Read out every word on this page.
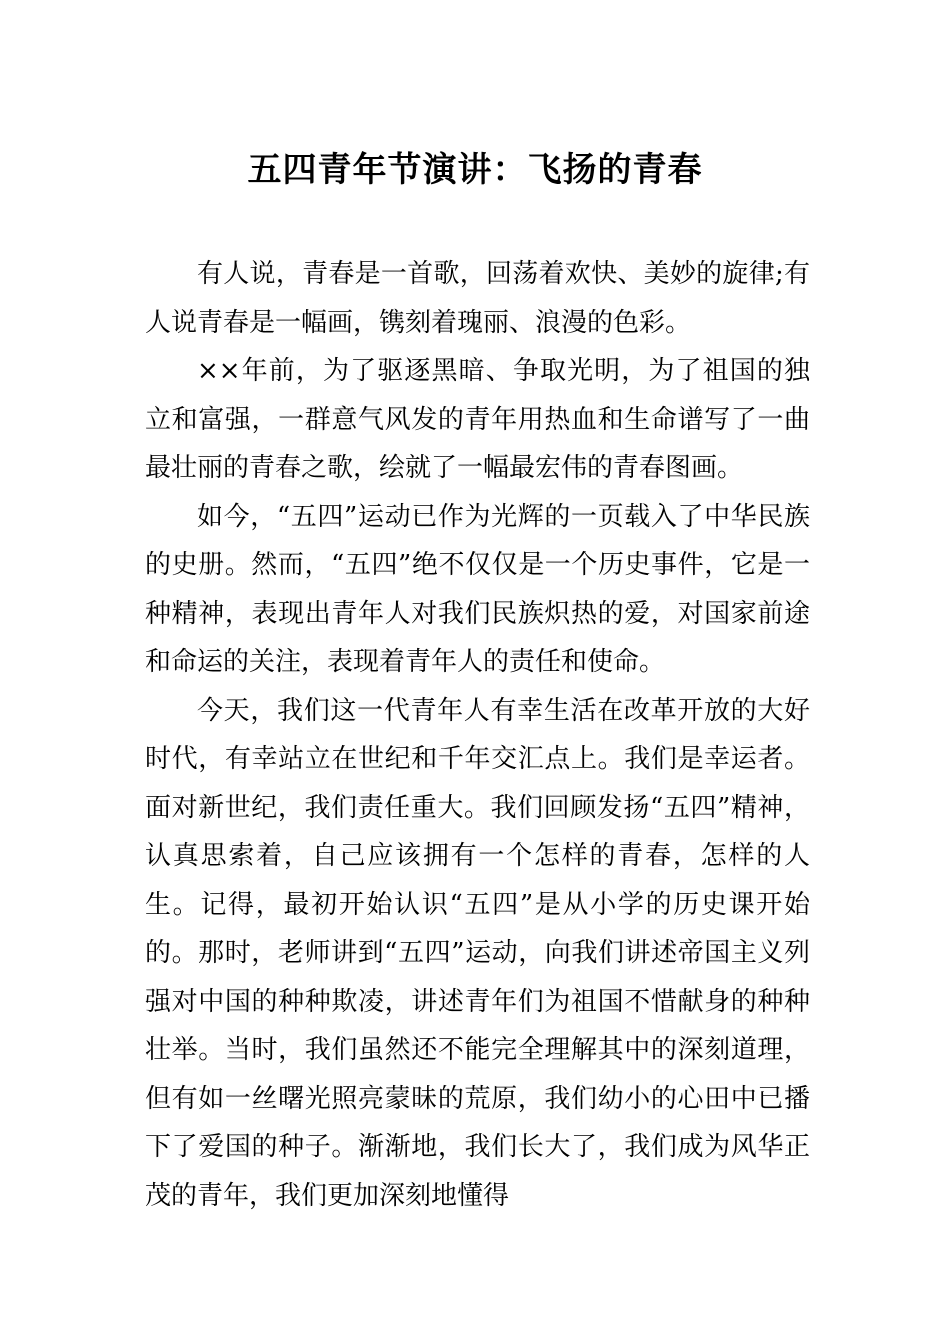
五四青年节演讲：飞扬的青春

有人说，青春是一首歌，回荡着欢快、美妙的旋律;有人说青春是一幅画，镌刻着瑰丽、浪漫的色彩。

××年前，为了驱逐黑暗、争取光明，为了祖国的独立和富强，一群意气风发的青年用热血和生命谱写了一曲最壮丽的青春之歌，绘就了一幅最宏伟的青春图画。

如今，“五四”运动已作为光辉的一页载入了中华民族的史册。然而，“五四”绝不仅仅是一个历史事件，它是一种精神，表现出青年人对我们民族炽热的爱，对国家前途和命运的关注，表现着青年人的责任和使命。

今天，我们这一代青年人有幸生活在改革开放的大好时代，有幸站立在世纪和千年交汇点上。我们是幸运者。面对新世纪，我们责任重大。我们回顾发扬“五四”精神，认真思索着，自己应该拥有一个怎样的青春，怎样的人生。记得，最初开始认识“五四”是从小学的历史课开始的。那时，老师讲到“五四”运动，向我们讲述帝国主义列强对中国的种种欺凌，讲述青年们为祖国不惜献身的种种壮举。当时，我们虽然还不能完全理解其中的深刻道理，但有如一丝曙光照亮蒙昧的荒原，我们幼小的心田中已播下了爱国的种子。渐渐地，我们长大了，我们成为风华正茂的青年，我们更加深刻地懂得
